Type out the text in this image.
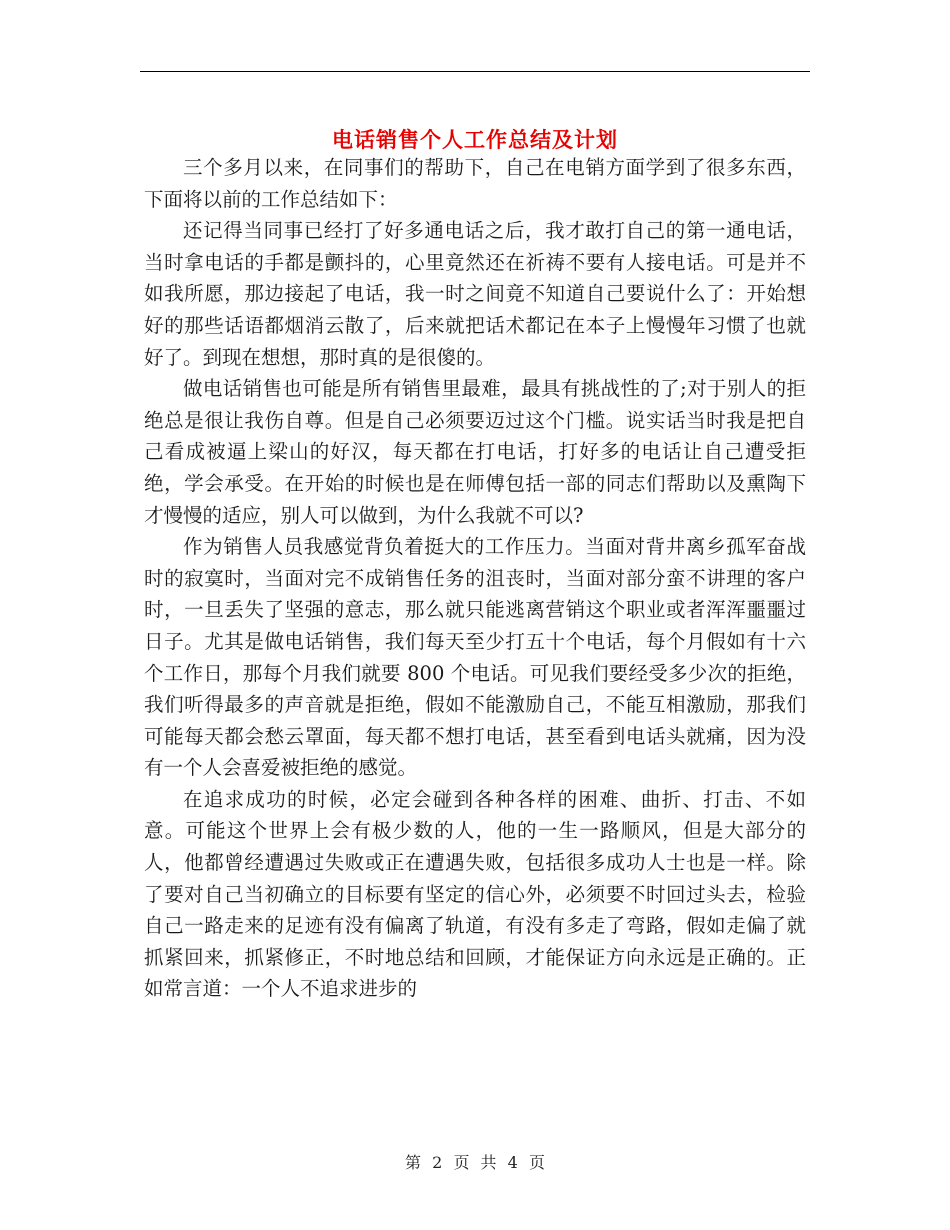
电话销售个人工作总结及计划

三个多月以来，在同事们的帮助下，自己在电销方面学到了很多东西，下面将以前的工作总结如下：

还记得当同事已经打了好多通电话之后，我才敢打自己的第一通电话，当时拿电话的手都是颤抖的，心里竟然还在祈祷不要有人接电话。可是并不如我所愿，那边接起了电话，我一时之间竟不知道自己要说什么了：开始想好的那些话语都烟消云散了，后来就把话术都记在本子上慢慢年习惯了也就好了。到现在想想，那时真的是很傻的。

做电话销售也可能是所有销售里最难，最具有挑战性的了;对于别人的拒绝总是很让我伤自尊。但是自己必须要迈过这个门槛。说实话当时我是把自己看成被逼上梁山的好汉，每天都在打电话，打好多的电话让自己遭受拒绝，学会承受。在开始的时候也是在师傅包括一部的同志们帮助以及熏陶下才慢慢的适应，别人可以做到，为什么我就不可以?

作为销售人员我感觉背负着挺大的工作压力。当面对背井离乡孤军奋战时的寂寞时，当面对完不成销售任务的沮丧时，当面对部分蛮不讲理的客户时，一旦丢失了坚强的意志，那么就只能逃离营销这个职业或者浑浑噩噩过日子。尤其是做电话销售，我们每天至少打五十个电话，每个月假如有十六个工作日，那每个月我们就要 800 个电话。可见我们要经受多少次的拒绝，我们听得最多的声音就是拒绝，假如不能激励自己，不能互相激励，那我们可能每天都会愁云罩面，每天都不想打电话，甚至看到电话头就痛，因为没有一个人会喜爱被拒绝的感觉。

在追求成功的时候，必定会碰到各种各样的困难、曲折、打击、不如意。可能这个世界上会有极少数的人，他的一生一路顺风，但是大部分的人，他都曾经遭遇过失败或正在遭遇失败，包括很多成功人士也是一样。除了要对自己当初确立的目标要有坚定的信心外，必须要不时回过头去，检验自己一路走来的足迹有没有偏离了轨道，有没有多走了弯路，假如走偏了就抓紧回来，抓紧修正，不时地总结和回顾，才能保证方向永远是正确的。正如常言道：一个人不追求进步的

第 2 页 共 4 页
